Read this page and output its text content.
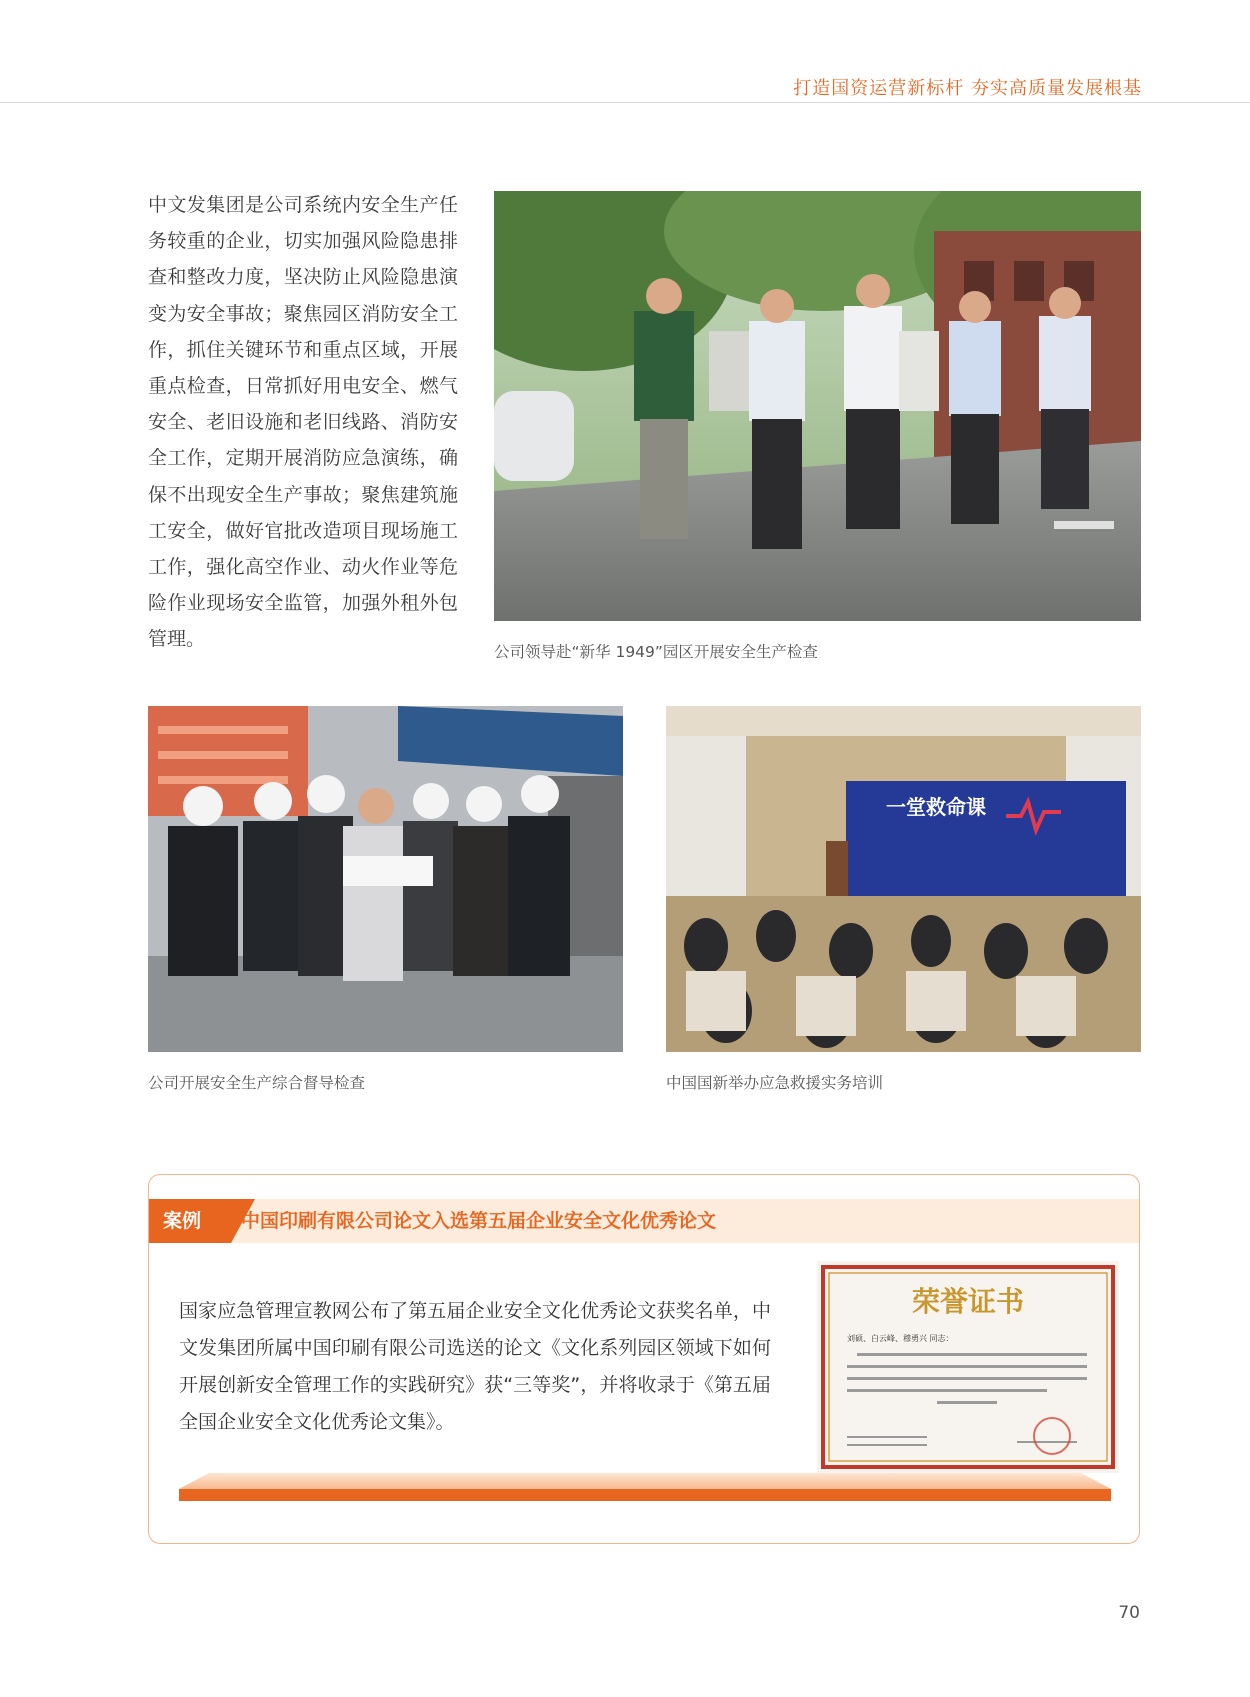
打造国资运营新标杆 夯实高质量发展根基
中文发集团是公司系统内安全生产任务较重的企业，切实加强风险隐患排查和整改力度，坚决防止风险隐患演变为安全事故；聚焦园区消防安全工作，抓住关键环节和重点区域，开展重点检查，日常抓好用电安全、燃气安全、老旧设施和老旧线路、消防安全工作，定期开展消防应急演练，确保不出现安全生产事故；聚焦建筑施工安全，做好官批改造项目现场施工工作，强化高空作业、动火作业等危险作业现场安全监管，加强外租外包管理。
公司领导赴“新华 1949”园区开展安全生产检查
公司开展安全生产综合督导检查
一堂救命课
中国国新举办应急救援实务培训
案例	中国印刷有限公司论文入选第五届企业安全文化优秀论文
国家应急管理宣教网公布了第五届企业安全文化优秀论文获奖名单，中文发集团所属中国印刷有限公司选送的论文《文化系列园区领域下如何开展创新安全管理工作的实践研究》获“三等奖”，并将收录于《第五届全国企业安全文化优秀论文集》。
荣誉证书
刘硕、白云峰、穆勇兴 同志：
70
